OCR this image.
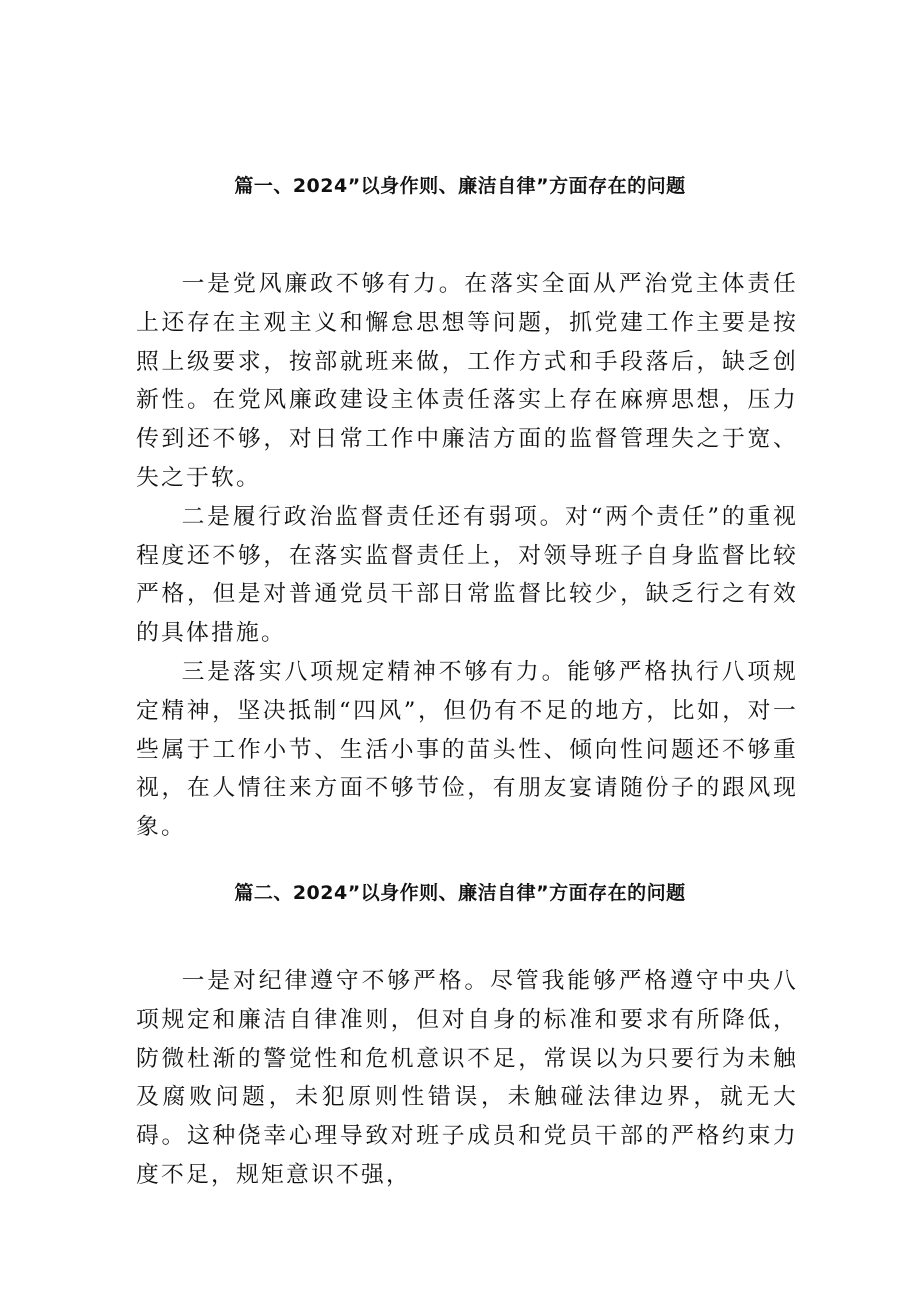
篇一、2024”以身作则、廉洁自律”方面存在的问题

一是党风廉政不够有力。在落实全面从严治党主体责任上还存在主观主义和懈怠思想等问题，抓党建工作主要是按照上级要求，按部就班来做，工作方式和手段落后，缺乏创新性。在党风廉政建设主体责任落实上存在麻痹思想，压力传到还不够，对日常工作中廉洁方面的监督管理失之于宽、失之于软。

二是履行政治监督责任还有弱项。对“两个责任”的重视程度还不够，在落实监督责任上，对领导班子自身监督比较严格，但是对普通党员干部日常监督比较少，缺乏行之有效的具体措施。

三是落实八项规定精神不够有力。能够严格执行八项规定精神，坚决抵制“四风”，但仍有不足的地方，比如，对一些属于工作小节、生活小事的苗头性、倾向性问题还不够重视，在人情往来方面不够节俭，有朋友宴请随份子的跟风现象。

篇二、2024”以身作则、廉洁自律”方面存在的问题

一是对纪律遵守不够严格。尽管我能够严格遵守中央八项规定和廉洁自律准则，但对自身的标准和要求有所降低，防微杜渐的警觉性和危机意识不足，常误以为只要行为未触及腐败问题，未犯原则性错误，未触碰法律边界，就无大碍。这种侥幸心理导致对班子成员和党员干部的严格约束力度不足，规矩意识不强，
